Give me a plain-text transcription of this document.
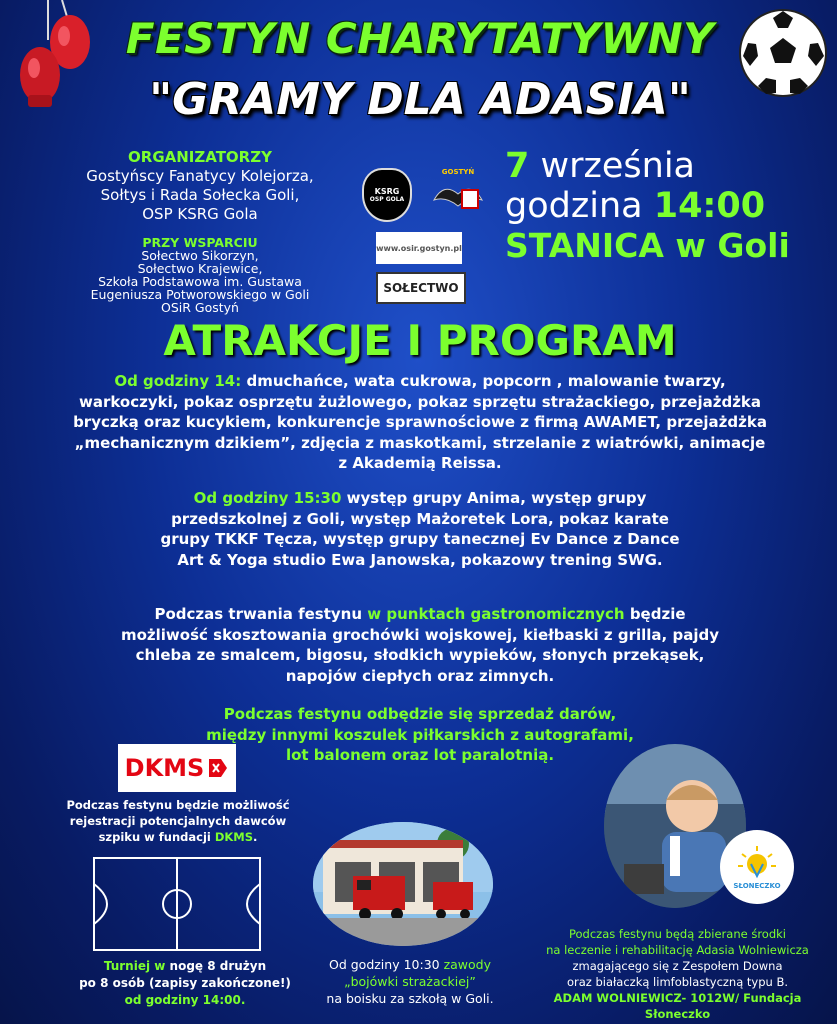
FESTYN CHARYTATYWNY
"GRAMY DLA ADASIA"
ORGANIZATORZY
Gostyńscy Fanatycy Kolejorza,
Sołtys i Rada Sołecka Goli,
OSP KSRG Gola
PRZY WSPARCIU
Sołectwo Sikorzyn,
Sołectwo Krajewice,
Szkoła Podstawowa im. Gustawa
Eugeniusza Potworowskiego w Goli
OSiR Gostyń
KSRG
OSP GOLA
GOSTYŃ
www.osir.gostyn.pl
SOŁECTWO
7 września
godzina 14:00
STANICA w Goli
ATRAKCJE I PROGRAM
Od godziny 14: dmuchańce, wata cukrowa, popcorn , malowanie twarzy, warkoczyki, pokaz osprzętu żużlowego, pokaz sprzętu strażackiego, przejażdżka bryczką oraz kucykiem, konkurencje sprawnościowe z firmą AWAMET, przejażdżka „mechanicznym dzikiem”, zdjęcia z maskotkami, strzelanie z wiatrówki, animacje z Akademią Reissa.
Od godziny 15:30 występ grupy Anima, występ grupy przedszkolnej z Goli, występ Mażoretek Lora, pokaz karate grupy TKKF Tęcza, występ grupy tanecznej Ev Dance z Dance Art & Yoga studio Ewa Janowska, pokazowy trening SWG.
Podczas trwania festynu w punktach gastronomicznych będzie możliwość skosztowania grochówki wojskowej, kiełbaski z grilla, pajdy chleba ze smalcem, bigosu, słodkich wypieków, słonych przekąsek, napojów ciepłych oraz zimnych.
Podczas festynu odbędzie się sprzedaż darów, między innymi koszulek piłkarskich z autografami, lot balonem oraz lot paralotnią.
DKMS
Podczas festynu będzie możliwość rejestracji potencjalnych dawców szpiku w fundacji DKMS.
Turniej w nogę 8 drużyn
po 8 osób (zapisy zakończone!)
od godziny 14:00.
Od godziny 10:30 zawody
„bojówki strażackiej”
na boisku za szkołą w Goli.
SŁONECZKO
Podczas festynu będą zbierane środki
na leczenie i rehabilitację Adasia Wolniewicza
zmagającego się z Zespołem Downa
oraz białaczką limfoblastyczną typu B.
ADAM WOLNIEWICZ- 1012W/ Fundacja Słoneczko
